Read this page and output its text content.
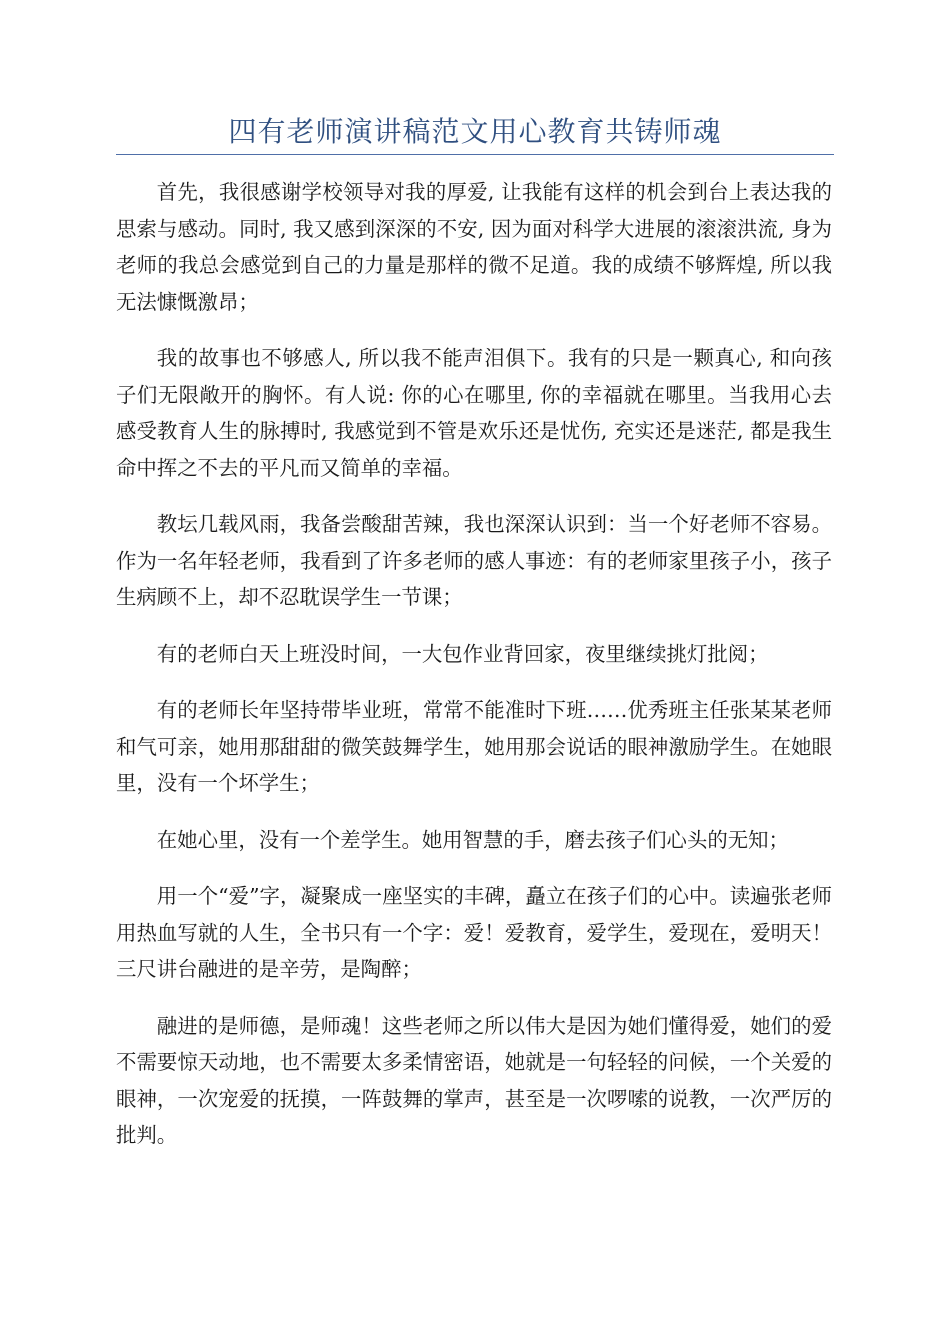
四有老师演讲稿范文用心教育共铸师魂

首先，我很感谢学校领导对我的厚爱, 让我能有这样的机会到台上表达我的思索与感动。同时, 我又感到深深的不安, 因为面对科学大进展的滚滚洪流, 身为老师的我总会感觉到自己的力量是那样的微不足道。我的成绩不够辉煌, 所以我无法慷慨激昂；

我的故事也不够感人, 所以我不能声泪俱下。我有的只是一颗真心, 和向孩子们无限敞开的胸怀。有人说: 你的心在哪里, 你的幸福就在哪里。当我用心去感受教育人生的脉搏时, 我感觉到不管是欢乐还是忧伤, 充实还是迷茫, 都是我生命中挥之不去的平凡而又简单的幸福。

教坛几载风雨，我备尝酸甜苦辣，我也深深认识到：当一个好老师不容易。作为一名年轻老师，我看到了许多老师的感人事迹：有的老师家里孩子小，孩子生病顾不上，却不忍耽误学生一节课；

有的老师白天上班没时间，一大包作业背回家，夜里继续挑灯批阅；

有的老师长年坚持带毕业班，常常不能准时下班……优秀班主任张某某老师和气可亲，她用那甜甜的微笑鼓舞学生，她用那会说话的眼神激励学生。在她眼里，没有一个坏学生；

在她心里，没有一个差学生。她用智慧的手，磨去孩子们心头的无知；

用一个“爱”字，凝聚成一座坚实的丰碑，矗立在孩子们的心中。读遍张老师用热血写就的人生，全书只有一个字：爱！爱教育，爱学生，爱现在，爱明天！三尺讲台融进的是辛劳，是陶醉；

融进的是师德，是师魂！这些老师之所以伟大是因为她们懂得爱，她们的爱不需要惊天动地，也不需要太多柔情密语，她就是一句轻轻的问候，一个关爱的眼神，一次宠爱的抚摸，一阵鼓舞的掌声，甚至是一次啰嗦的说教，一次严厉的批判。
